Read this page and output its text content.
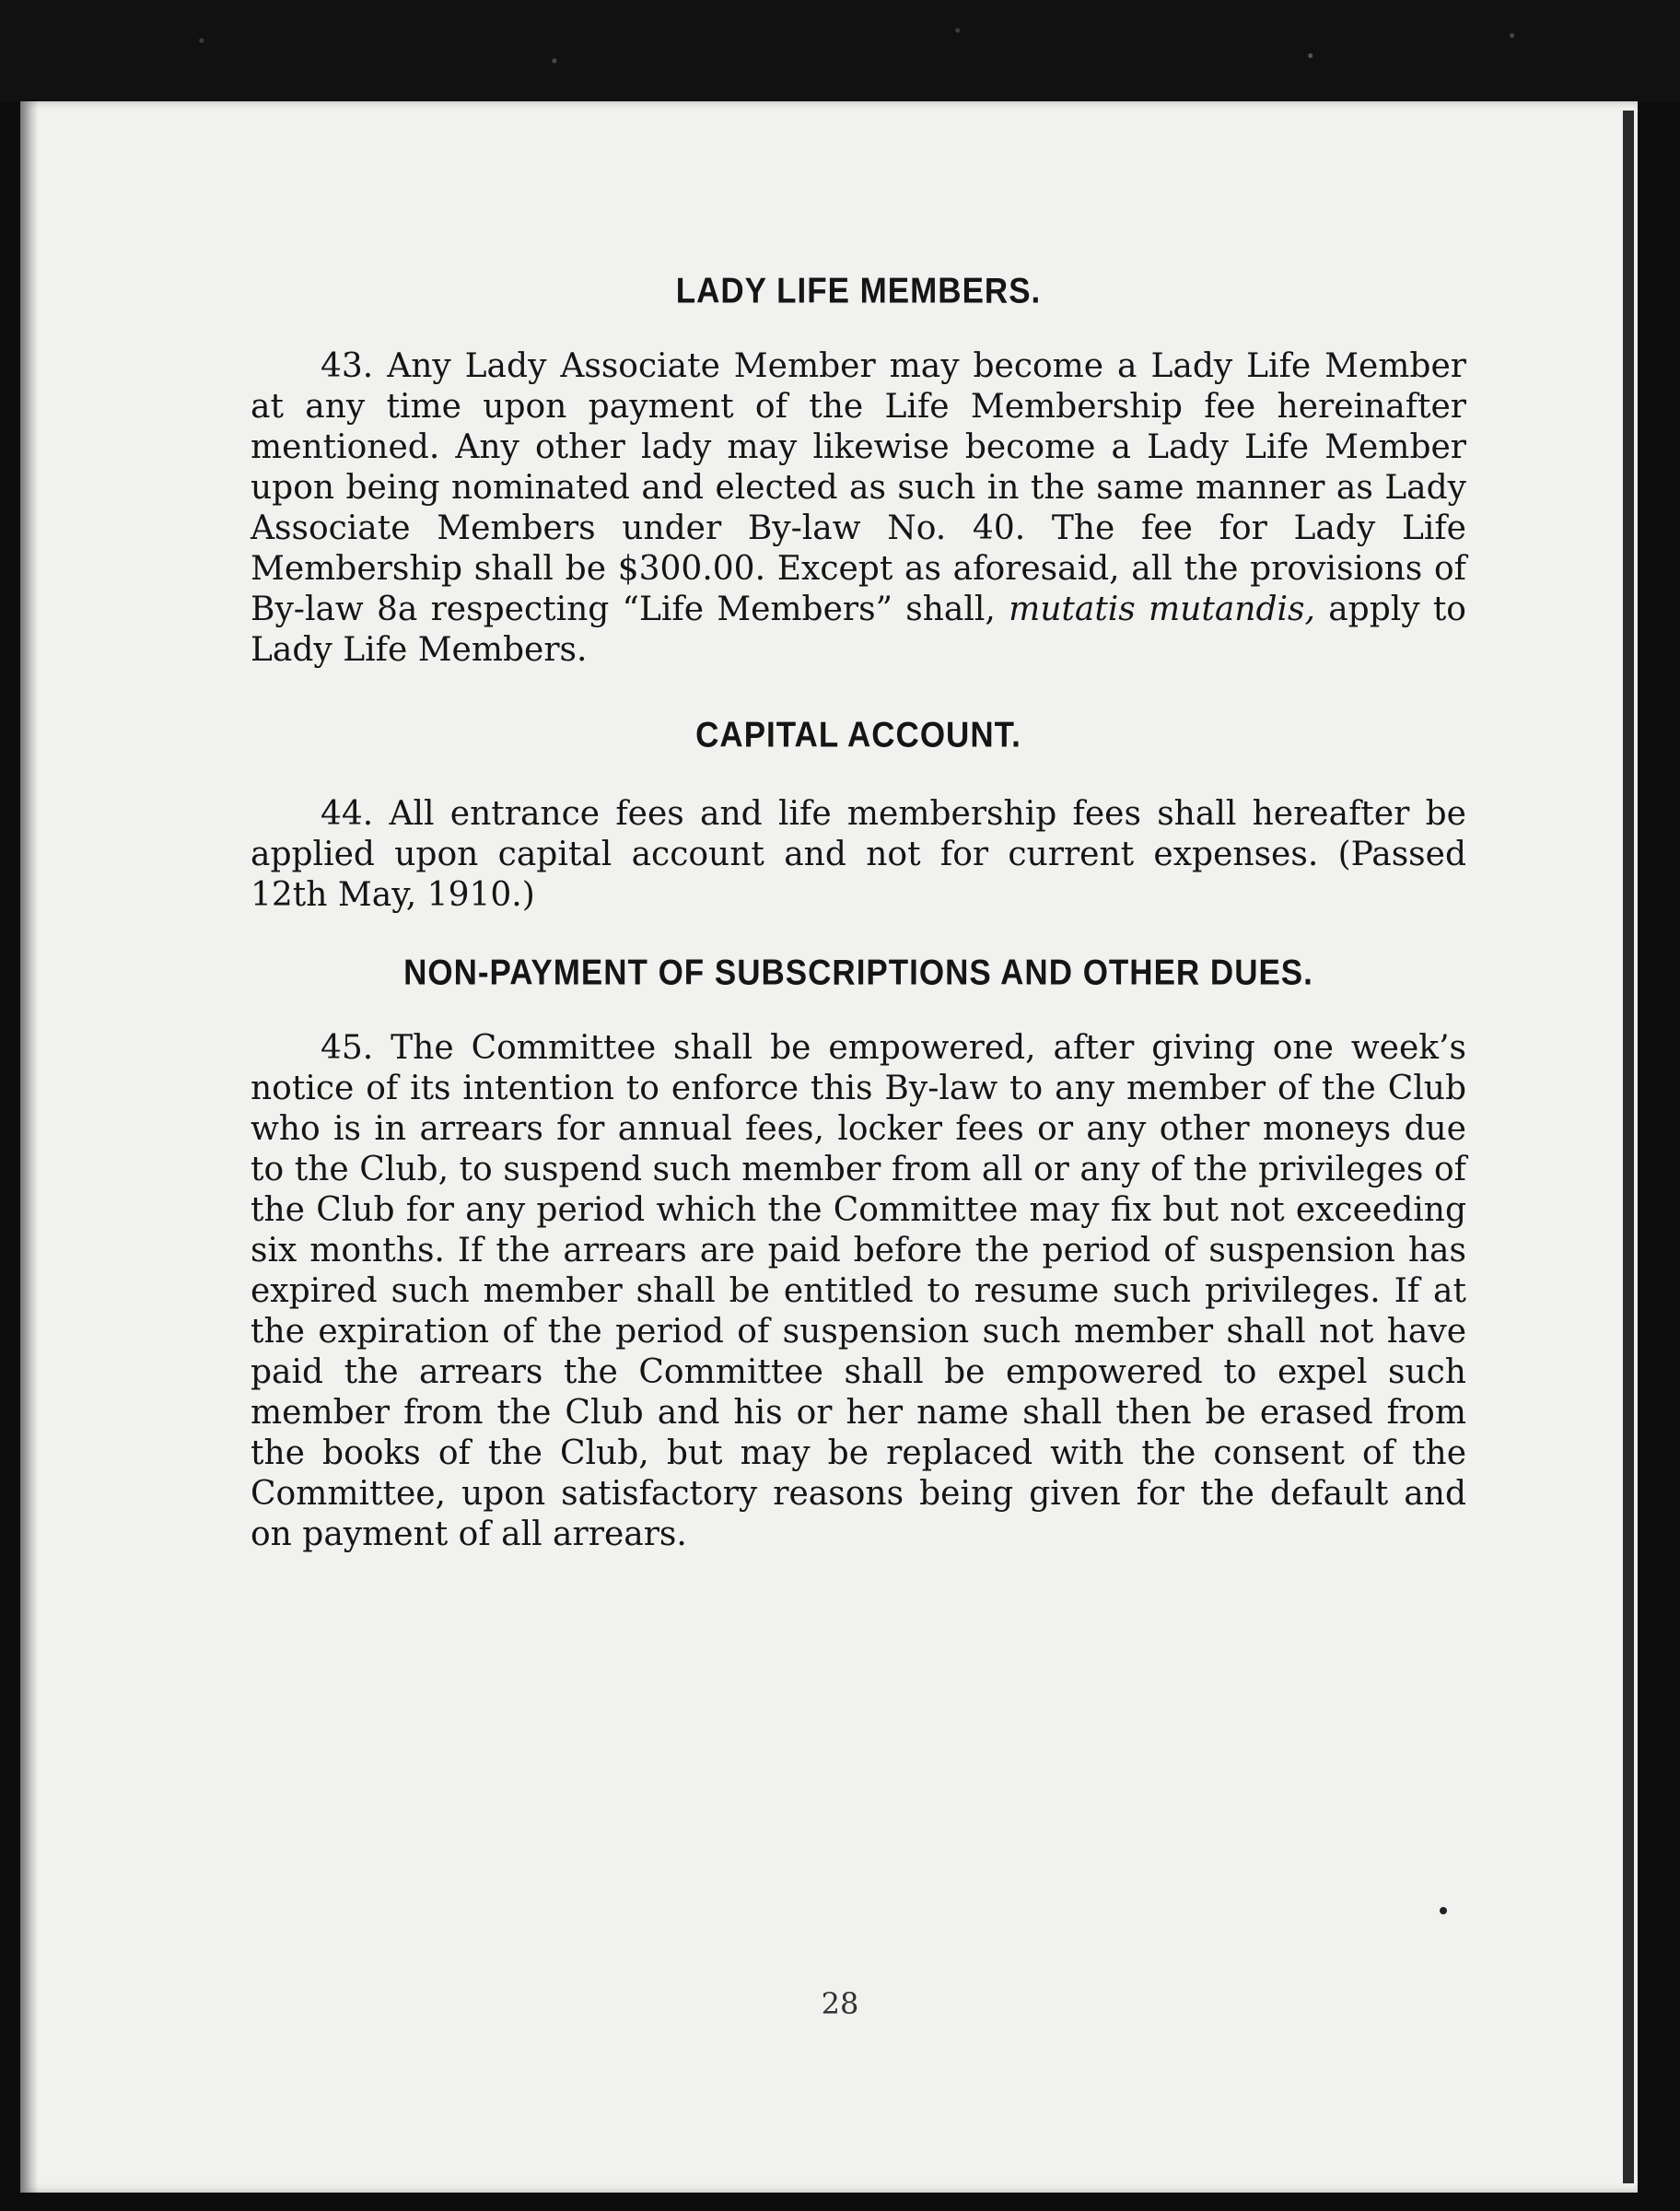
LADY LIFE MEMBERS.

43. Any Lady Associate Member may become a Lady Life Member at any time upon payment of the Life Membership fee hereinafter mentioned. Any other lady may likewise become a Lady Life Member upon being nominated and elected as such in the same manner as Lady Associate Members under By-law No. 40. The fee for Lady Life Membership shall be $300.00. Except as aforesaid, all the provisions of By-law 8a respecting “Life Members” shall, mutatis mutandis, apply to Lady Life Members.

CAPITAL ACCOUNT.

44. All entrance fees and life membership fees shall hereafter be applied upon capital account and not for current expenses. (Passed 12th May, 1910.)

NON-PAYMENT OF SUBSCRIPTIONS AND OTHER DUES.

45. The Committee shall be empowered, after giving one week’s notice of its intention to enforce this By-law to any member of the Club who is in arrears for annual fees, locker fees or any other moneys due to the Club, to suspend such member from all or any of the privileges of the Club for any period which the Committee may fix but not exceeding six months. If the arrears are paid before the period of suspension has expired such member shall be entitled to resume such privileges. If at the expiration of the period of suspension such member shall not have paid the arrears the Committee shall be empowered to expel such member from the Club and his or her name shall then be erased from the books of the Club, but may be replaced with the consent of the Committee, upon satisfactory reasons being given for the default and on payment of all arrears.

28
